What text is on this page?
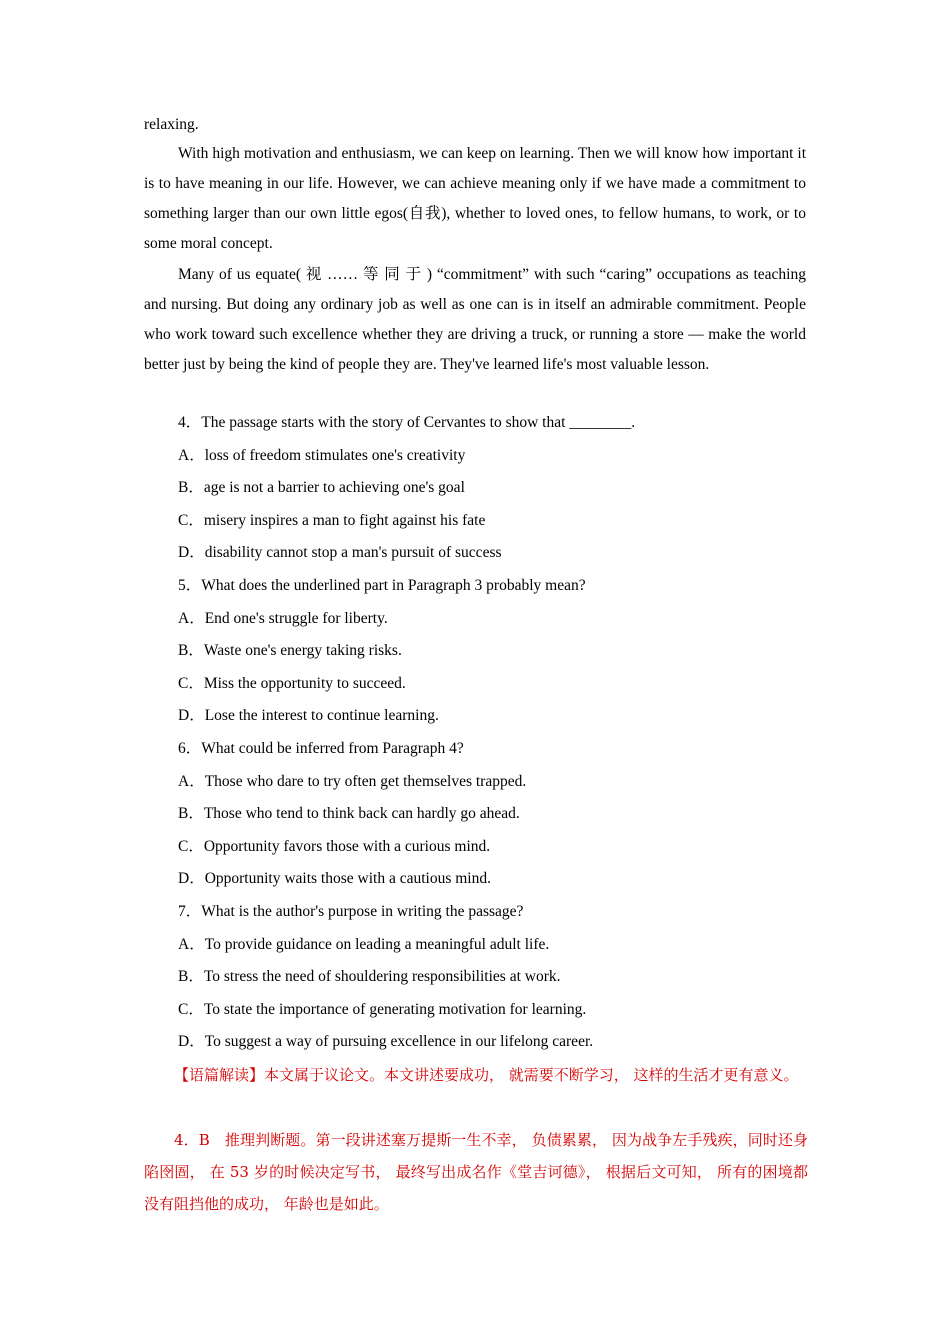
relaxing.

With high motivation and enthusiasm, we can keep on learning. Then we will know how important it is to have meaning in our life. However, we can achieve meaning only if we have made a commitment to something larger than our own little egos(自我), whether to loved ones, to fellow humans, to work, or to some moral concept.

Many of us equate( 视 …… 等 同 于 ) “commitment” with such “caring” occupations as teaching and nursing. But doing any ordinary job as well as one can is in itself an admirable commitment. People who work toward such excellence whether they are driving a truck, or running a store — make the world better just by being the kind of people they are. They've learned life's most valuable lesson.

4．The passage starts with the story of Cervantes to show that ________.

A．loss of freedom stimulates one's creativity

B．age is not a barrier to achieving one's goal

C．misery inspires a man to fight against his fate

D．disability cannot stop a man's pursuit of success

5．What does the underlined part in Paragraph 3 probably mean?

A．End one's struggle for liberty.

B．Waste one's energy taking risks.

C．Miss the opportunity to succeed.

D．Lose the interest to continue learning.

6．What could be inferred from Paragraph 4?

A．Those who dare to try often get themselves trapped.

B．Those who tend to think back can hardly go ahead.

C．Opportunity favors those with a curious mind.

D．Opportunity waits those with a cautious mind.

7．What is the author's purpose in writing the passage?

A．To provide guidance on leading a meaningful adult life.

B．To stress the need of shouldering responsibilities at work.

C．To state the importance of generating motivation for learning.

D．To suggest a way of pursuing excellence in our lifelong career.

【语篇解读】本文属于议论文。本文讲述要成功， 就需要不断学习， 这样的生活才更有意义。

4．B　推理判断题。第一段讲述塞万提斯一生不幸， 负债累累， 因为战争左手残疾，同时还身陷囹圄， 在 53 岁的时候决定写书， 最终写出成名作《堂吉诃德》， 根据后文可知， 所有的困境都没有阻挡他的成功， 年龄也是如此。
